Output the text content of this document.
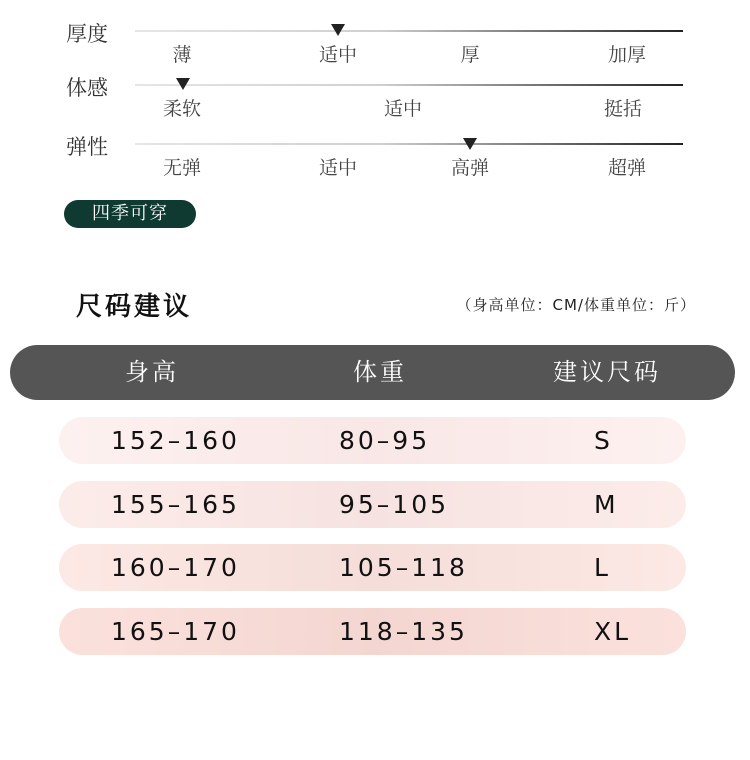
厚度
薄	适中	厚	加厚
体感
柔软	适中	挺括
弹性
无弹	适中	高弹	超弹
四季可穿
尺码建议	（身高单位：CM/体重单位：斤）
身高	体重	建议尺码
152–160	80–95	S
155–165	95–105	M
160–170	105–118	L
165–170	118–135	XL
